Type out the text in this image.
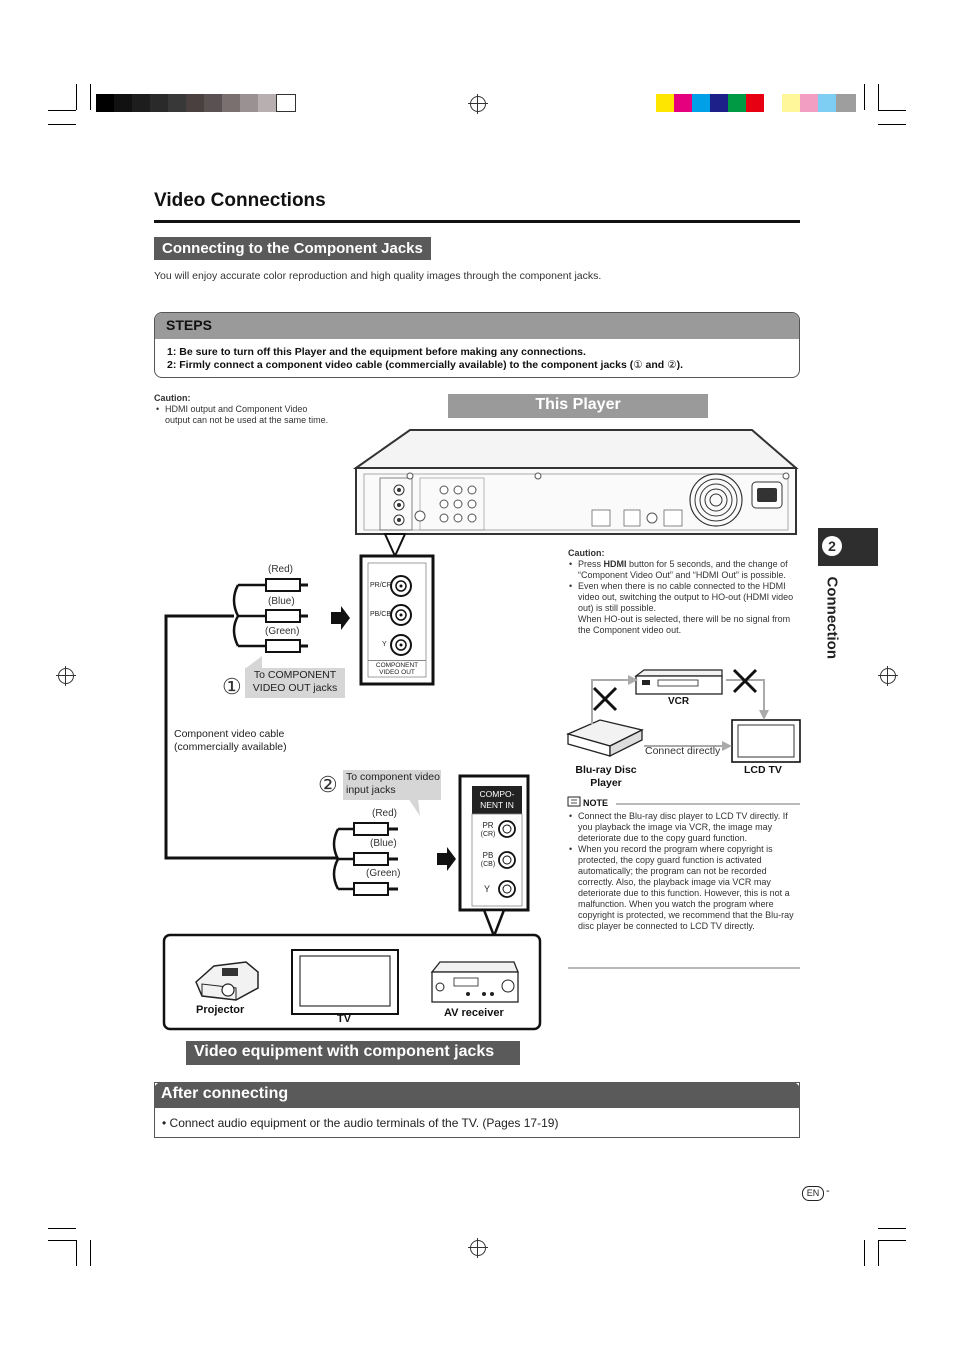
Video Connections
Connecting to the Component Jacks
You will enjoy accurate color reproduction and high quality images through the component jacks.
STEPS
1: Be sure to turn off this Player and the equipment before making any connections.
2: Firmly connect a component video cable (commercially available) to the component jacks (① and ②).
Caution:
• HDMI output and Component Video output can not be used at the same time.
This Player
PR/CR
PB/CB
Y
COMPONENT VIDEO OUT
(Red)
(Blue)
(Green)
To COMPONENT VIDEO OUT jacks
①
②
Component video cable (commercially available)
To component video input jacks
(Red)
(Blue)
(Green)
COMPO-NENT IN
PR
(CR)
PB
(CB)
Y
Projector
TV	AV receiver
Video equipment with component jacks
Caution:
• Press HDMI button for 5 seconds, and the change of “Component Video Out” and “HDMI Out” is possible.
• Even when there is no cable connected to the HDMI video out, switching the output to HO-out (HDMI video out) is still possible.
When HO-out is selected, there will be no signal from the Component video out.
VCR
Connect directly
Blu-ray Disc Player
LCD TV
NOTE
• Connect the Blu-ray disc player to LCD TV directly. If you playback the image via VCR, the image may deteriorate due to the copy guard function.
• When you record the program where copyright is protected, the copy guard function is activated automatically; the program can not be recorded correctly. Also, the playback image via VCR may deteriorate due to this function. However, this is not a malfunction. When you watch the program where copyright is protected, we recommend that the Blu-ray disc player be connected to LCD TV directly.
After connecting
• Connect audio equipment or the audio terminals of the TV. (Pages 17-19)
2
Connection
EN -
